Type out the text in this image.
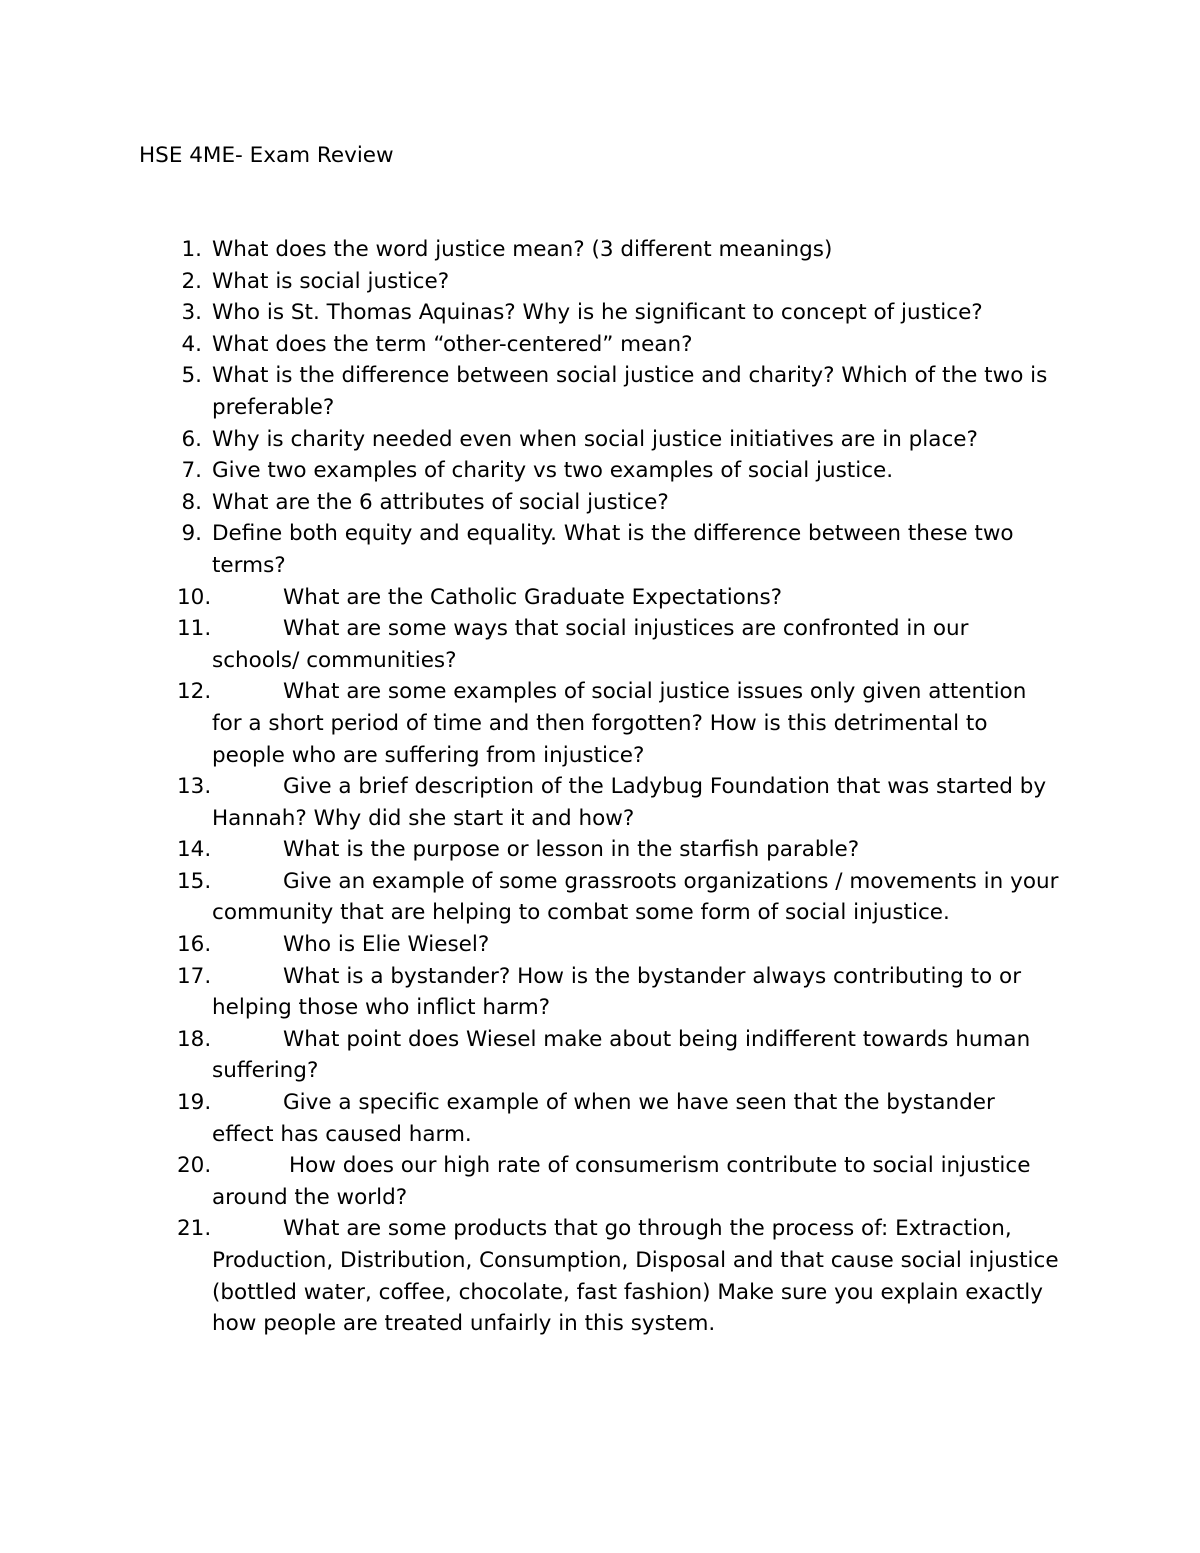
HSE 4ME- Exam Review
1. What does the word justice mean? (3 different meanings)
2. What is social justice?
3. Who is St. Thomas Aquinas? Why is he significant to concept of justice?
4. What does the term “other-centered” mean?
5. What is the difference between social justice and charity? Which of the two is preferable?
6. Why is charity needed even when social justice initiatives are in place?
7. Give two examples of charity vs two examples of social justice.
8. What are the 6 attributes of social justice?
9. Define both equity and equality. What is the difference between these two terms?
10.	What are the Catholic Graduate Expectations?
11.	What are some ways that social injustices are confronted in our schools/ communities?
12.	What are some examples of social justice issues only given attention for a short period of time and then forgotten? How is this detrimental to people who are suffering from injustice?
13.	Give a brief description of the Ladybug Foundation that was started by Hannah? Why did she start it and how?
14.	What is the purpose or lesson in the starfish parable?
15.	Give an example of some grassroots organizations / movements in your community that are helping to combat some form of social injustice.
16.	Who is Elie Wiesel?
17.	What is a bystander? How is the bystander always contributing to or helping those who inflict harm?
18.	What point does Wiesel make about being indifferent towards human suffering?
19.	Give a specific example of when we have seen that the bystander effect has caused harm.
20.	How does our high rate of consumerism contribute to social injustice around the world?
21.	What are some products that go through the process of: Extraction, Production, Distribution, Consumption, Disposal and that cause social injustice (bottled water, coffee, chocolate, fast fashion) Make sure you explain exactly how people are treated unfairly in this system.
